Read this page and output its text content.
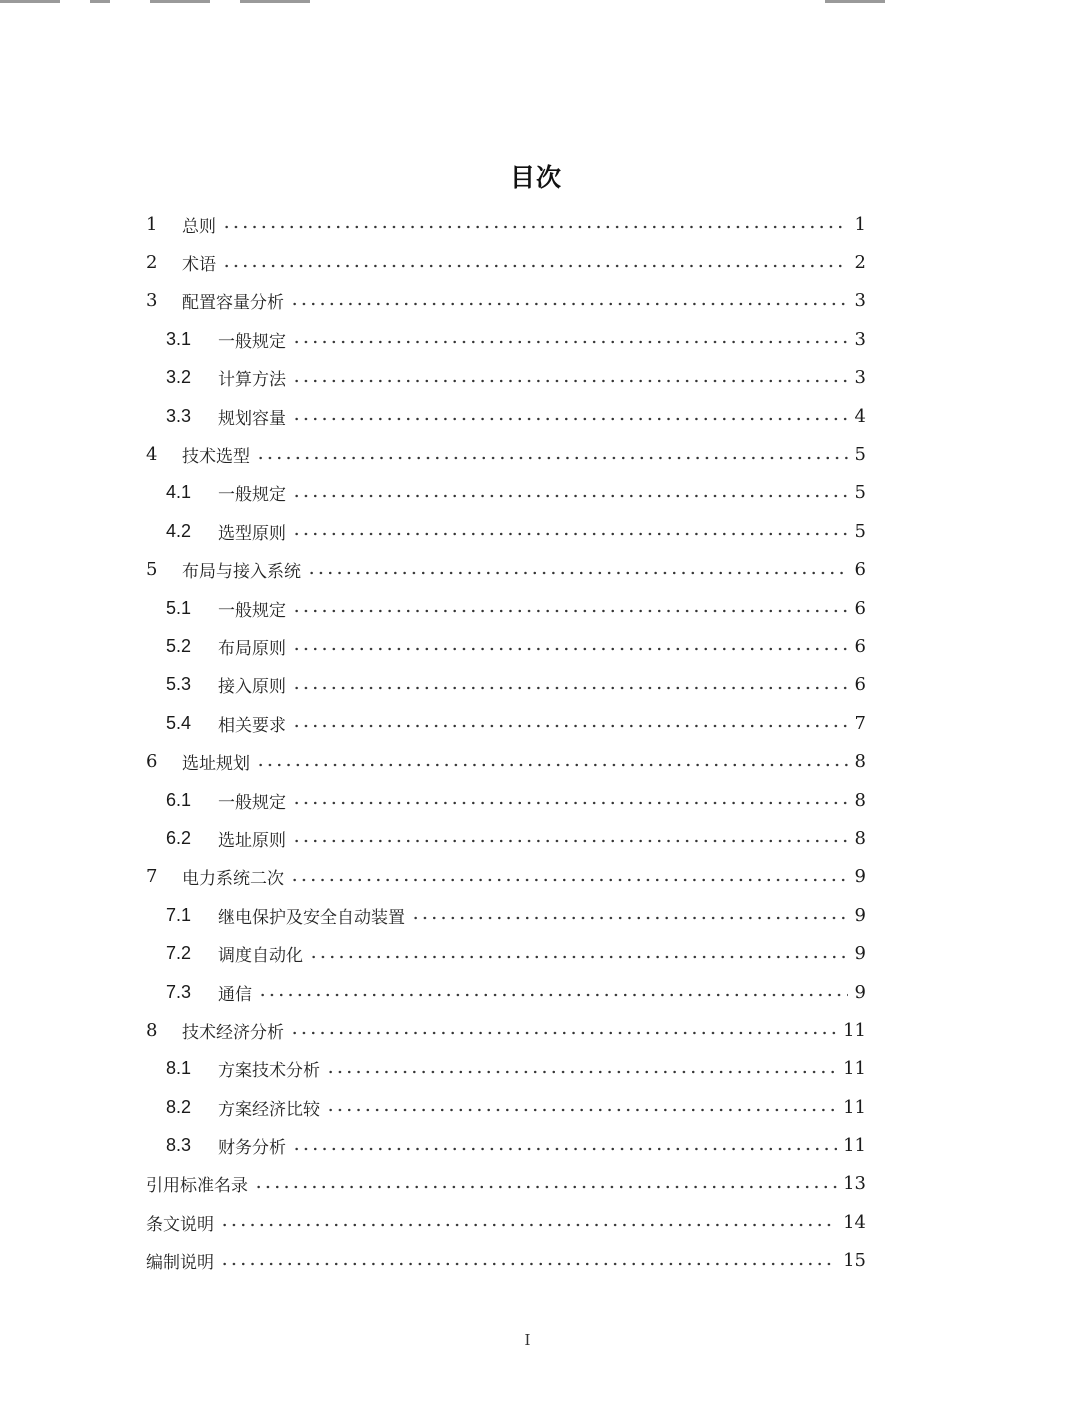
目次
1	总则	1
2	术语	2
3	配置容量分析	3
3.1	一般规定	3
3.2	计算方法	3
3.3	规划容量	4
4	技术选型	5
4.1	一般规定	5
4.2	选型原则	5
5	布局与接入系统	6
5.1	一般规定	6
5.2	布局原则	6
5.3	接入原则	6
5.4	相关要求	7
6	选址规划	8
6.1	一般规定	8
6.2	选址原则	8
7	电力系统二次	9
7.1	继电保护及安全自动装置	9
7.2	调度自动化	9
7.3	通信	9
8	技术经济分析	11
8.1	方案技术分析	11
8.2	方案经济比较	11
8.3	财务分析	11
引用标准名录	13
条文说明	14
编制说明	15
I
